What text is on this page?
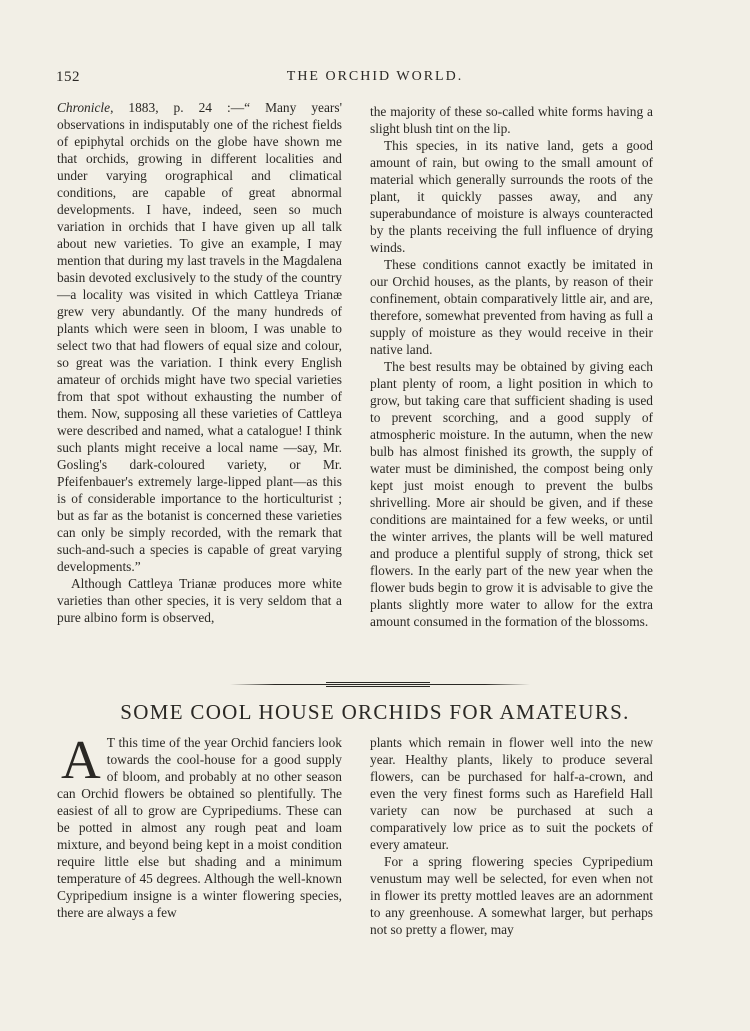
152	THE ORCHID WORLD.

Chronicle, 1883, p. 24 :—“ Many years' observations in indisputably one of the richest fields of epiphytal orchids on the globe have shown me that orchids, growing in different localities and under varying orographical and climatical conditions, are capable of great abnormal developments. I have, indeed, seen so much variation in orchids that I have given up all talk about new varieties. To give an example, I may mention that during my last travels in the Magdalena basin devoted exclusively to the study of the country—a locality was visited in which Cattleya Trianæ grew very abundantly. Of the many hundreds of plants which were seen in bloom, I was unable to select two that had flowers of equal size and colour, so great was the variation. I think every English amateur of orchids might have two special varieties from that spot without exhausting the number of them. Now, supposing all these varieties of Cattleya were described and named, what a catalogue! I think such plants might receive a local name —say, Mr. Gosling's dark-coloured variety, or Mr. Pfeifenbauer's extremely large-lipped plant—as this is of considerable importance to the horticulturist ; but as far as the botanist is concerned these varieties can only be simply recorded, with the remark that such-and-such a species is capable of great varying developments.”

Although Cattleya Trianæ produces more white varieties than other species, it is very seldom that a pure albino form is observed,

the majority of these so-called white forms having a slight blush tint on the lip.

This species, in its native land, gets a good amount of rain, but owing to the small amount of material which generally surrounds the roots of the plant, it quickly passes away, and any superabundance of moisture is always counteracted by the plants receiving the full influence of drying winds.

These conditions cannot exactly be imitated in our Orchid houses, as the plants, by reason of their confinement, obtain comparatively little air, and are, therefore, somewhat prevented from having as full a supply of moisture as they would receive in their native land.

The best results may be obtained by giving each plant plenty of room, a light position in which to grow, but taking care that sufficient shading is used to prevent scorching, and a good supply of atmospheric moisture. In the autumn, when the new bulb has almost finished its growth, the supply of water must be diminished, the compost being only kept just moist enough to prevent the bulbs shrivelling. More air should be given, and if these conditions are maintained for a few weeks, or until the winter arrives, the plants will be well matured and produce a plentiful supply of strong, thick set flowers. In the early part of the new year when the flower buds begin to grow it is advisable to give the plants slightly more water to allow for the extra amount consumed in the formation of the blossoms.

SOME COOL HOUSE ORCHIDS FOR AMATEURS.

A T this time of the year Orchid fanciers look towards the cool-house for a good supply of bloom, and probably at no other season can Orchid flowers be obtained so plentifully. The easiest of all to grow are Cypripediums. These can be potted in almost any rough peat and loam mixture, and beyond being kept in a moist condition require little else but shading and a minimum temperature of 45 degrees. Although the well-known Cypripedium insigne is a winter flowering species, there are always a few

plants which remain in flower well into the new year. Healthy plants, likely to produce several flowers, can be purchased for half-a-crown, and even the very finest forms such as Harefield Hall variety can now be purchased at such a comparatively low price as to suit the pockets of every amateur.

For a spring flowering species Cypripedium venustum may well be selected, for even when not in flower its pretty mottled leaves are an adornment to any greenhouse. A somewhat larger, but perhaps not so pretty a flower, may
